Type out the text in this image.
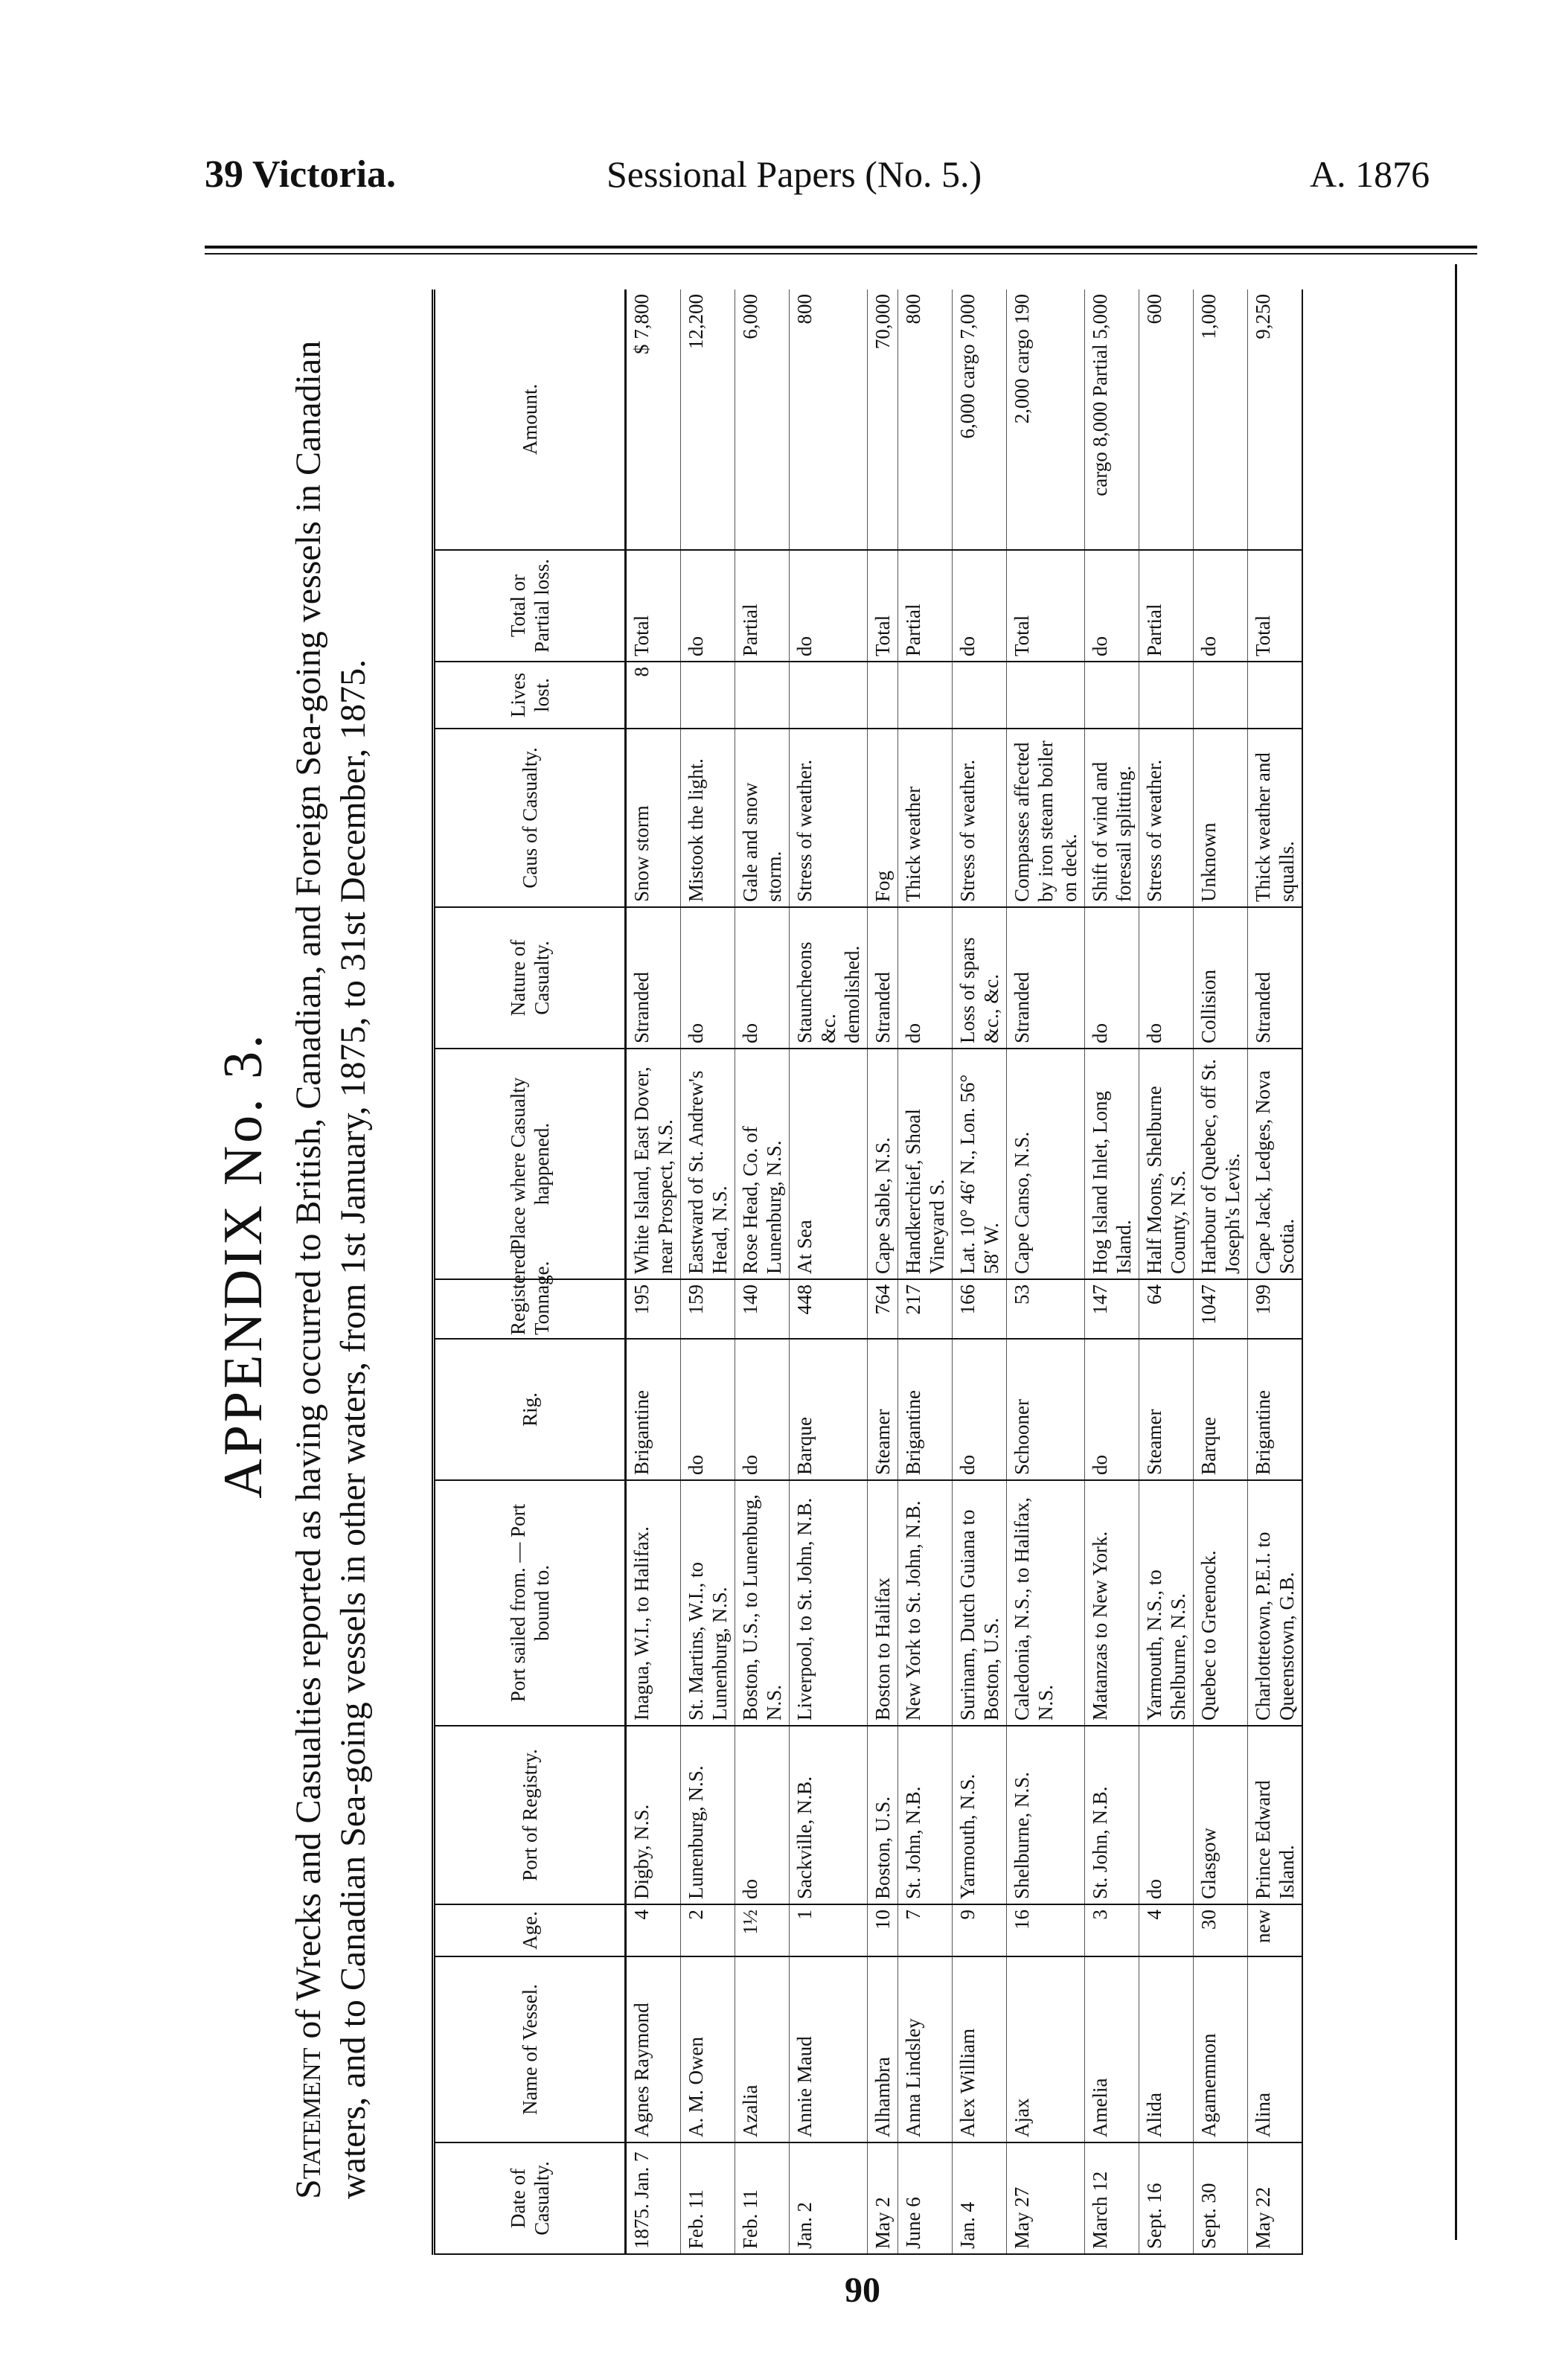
39 Victoria.	Sessional Papers (No. 5.)	A. 1876
APPENDIX No. 3.
Statement of Wrecks and Casualties reported as having occurred to British, Canadian, and Foreign Sea-going vessels in Canadian waters, and to Canadian Sea-going vessels in other waters, from 1st January, 1875, to 31st December, 1875.	Date of Casualty.	Name of Vessel.	Age.	Port of Registry.	Port sailed from. — Port bound to.	Rig.	Registered Tonnage.	Place where Casualty happened.	Nature of Casualty.	Caus of Casualty.	Lives lost.	Total or Partial loss.	Amount.
1875. Jan. 7	Agnes Raymond	4	Digby, N.S.	Inagua, W.I., to Halifax.	Brigantine	195	White Island, East Dover, near Prospect, N.S.	Stranded	Snow storm	8	Total	$ 7,800
Feb. 11	A. M. Owen	2	Lunenburg, N.S.	St. Martins, W.I., to Lunenburg, N.S.	do	159	Eastward of St. Andrew's Head, N.S.	do	Mistook the light.		do	12,200
Feb. 11	Azalia	1½	do	Boston, U.S., to Lunenburg, N.S.	do	140	Rose Head, Co. of Lunenburg, N.S.	do	Gale and snow storm.		Partial	6,000
Jan. 2	Annie Maud	1	Sackville, N.B.	Liverpool, to St. John, N.B.	Barque	448	At Sea	Stauncheons &c. demolished.	Stress of weather.		do	800
May 2	Alhambra	10	Boston, U.S.	Boston to Halifax	Steamer	764	Cape Sable, N.S.	Stranded	Fog		Total	70,000
June 6	Anna Lindsley	7	St. John, N.B.	New York to St. John, N.B.	Brigantine	217	Handkerchief, Shoal Vineyard S.	do	Thick weather		Partial	800
Jan. 4	Alex William	9	Yarmouth, N.S.	Surinam, Dutch Guiana to Boston, U.S.	do	166	Lat. 10° 46′ N., Lon. 56° 58′ W.	Loss of spars &c., &c.	Stress of weather.		do	6,000 cargo 7,000
May 27	Ajax	16	Shelburne, N.S.	Caledonia, N.S., to Halifax, N.S.	Schooner	53	Cape Canso, N.S.	Stranded	Compasses affected by iron steam boiler on deck.		Total	2,000 cargo 190
March 12	Amelia	3	St. John, N.B.	Matanzas to New York.	do	147	Hog Island Inlet, Long Island.	do	Shift of wind and foresail splitting.		do	cargo 8,000 Partial 5,000
Sept. 16	Alida	4	do	Yarmouth, N.S., to Shelburne, N.S.	Steamer	64	Half Moons, Shelburne County, N.S.	do	Stress of weather.		Partial	600
Sept. 30	Agamemnon	30	Glasgow	Quebec to Greenock.	Barque	1047	Harbour of Quebec, off St. Joseph's Levis.	Collision	Unknown		do	1,000
May 22	Alina	new	Prince Edward Island.	Charlottetown, P.E.I. to Queenstown, G.B.	Brigantine	199	Cape Jack, Ledges, Nova Scotia.	Stranded	Thick weather and squalls.		Total	9,250
90
